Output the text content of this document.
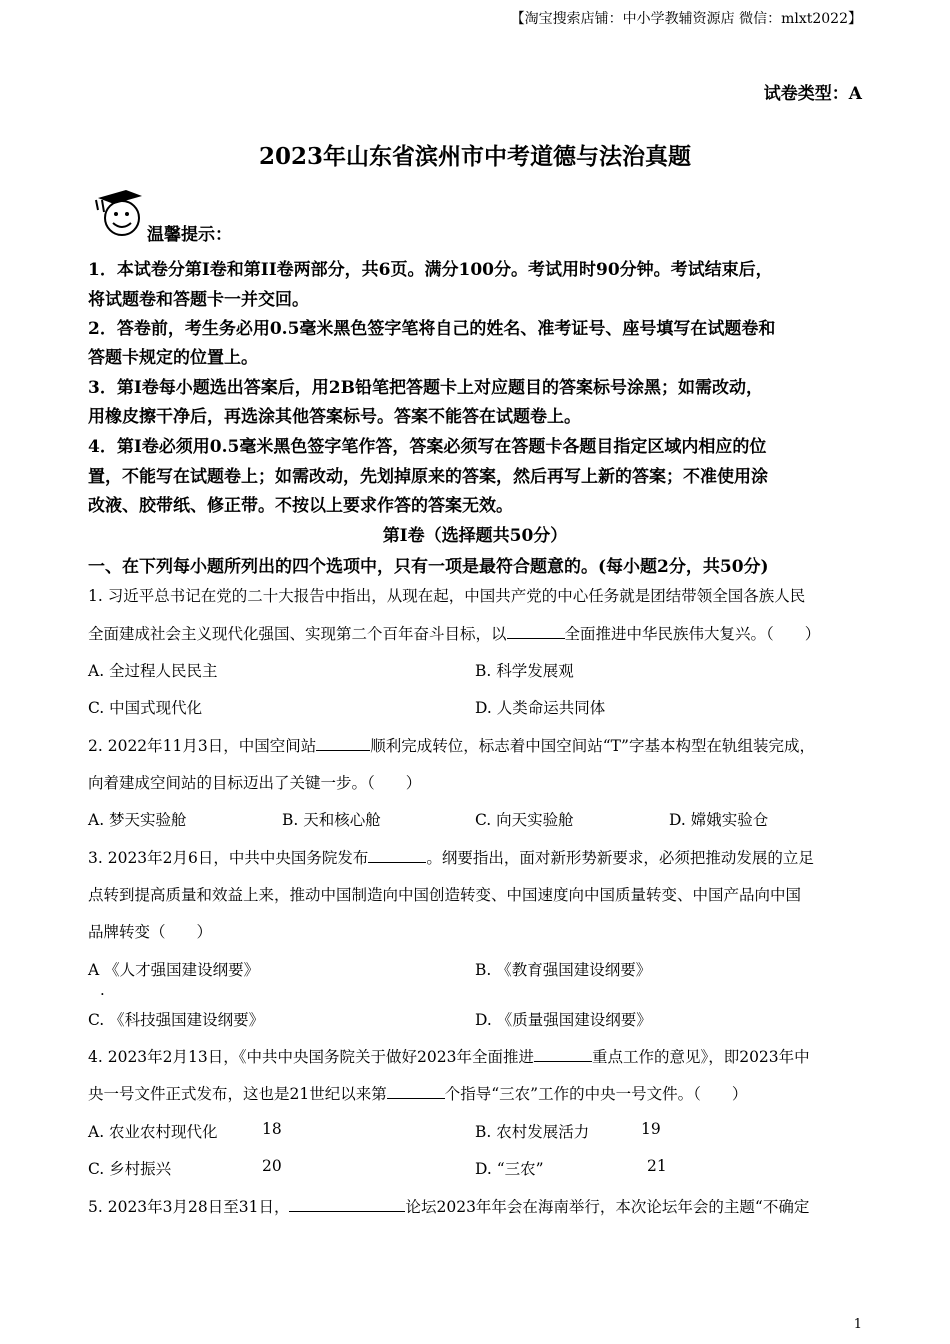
【淘宝搜索店铺：中小学教辅资源店 微信：mlxt2022】
试卷类型：A
2023年山东省滨州市中考道德与法治真题
温馨提示：
1．本试卷分第I卷和第II卷两部分，共6页。满分100分。考试用时90分钟。考试结束后，
将试题卷和答题卡一并交回。
2．答卷前，考生务必用0.5毫米黑色签字笔将自己的姓名、准考证号、座号填写在试题卷和
答题卡规定的位置上。
3．第Ⅰ卷每小题选出答案后，用2B铅笔把答题卡上对应题目的答案标号涂黑；如需改动，
用橡皮擦干净后，再选涂其他答案标号。答案不能答在试题卷上。
4．第I卷必须用0.5毫米黑色签字笔作答，答案必须写在答题卡各题目指定区域内相应的位
置，不能写在试题卷上；如需改动，先划掉原来的答案，然后再写上新的答案；不准使用涂
改液、胶带纸、修正带。不按以上要求作答的答案无效。
第Ⅰ卷（选择题共50分）
一、在下列每小题所列出的四个选项中，只有一项是最符合题意的。(每小题2分，共50分)
1. 习近平总书记在党的二十大报告中指出，从现在起，中国共产党的中心任务就是团结带领全国各族人民
全面建成社会主义现代化强国、实现第二个百年奋斗目标，以	全面推进中华民族伟大复兴。（　　）
A. 全过程人民民主	B. 科学发展观
C. 中国式现代化	D. 人类命运共同体
2. 2022年11月3日，中国空间站	顺利完成转位，标志着中国空间站“T”字基本构型在轨组装完成，
向着建成空间站的目标迈出了关键一步。（　　）
A. 梦天实验舱	B. 天和核心舱	C. 向天实验舱	D. 嫦娥实验仓
3. 2023年2月6日，中共中央国务院发布	。纲要指出，面对新形势新要求，必须把推动发展的立足
点转到提高质量和效益上来，推动中国制造向中国创造转变、中国速度向中国质量转变、中国产品向中国
品牌转变（　　）
A 《人才强国建设纲要》
·
B. 《教育强国建设纲要》
C. 《科技强国建设纲要》	D. 《质量强国建设纲要》
4. 2023年2月13日，《中共中央国务院关于做好2023年全面推进	重点工作的意见》，即2023年中
央一号文件正式发布，这也是21世纪以来第	个指导“三农”工作的中央一号文件。（　　）
A. 农业农村现代化	18	B. 农村发展活力	19
C. 乡村振兴	20	D. “三农”	21
5. 2023年3月28日至31日，	论坛2023年年会在海南举行，本次论坛年会的主题“不确定
1
